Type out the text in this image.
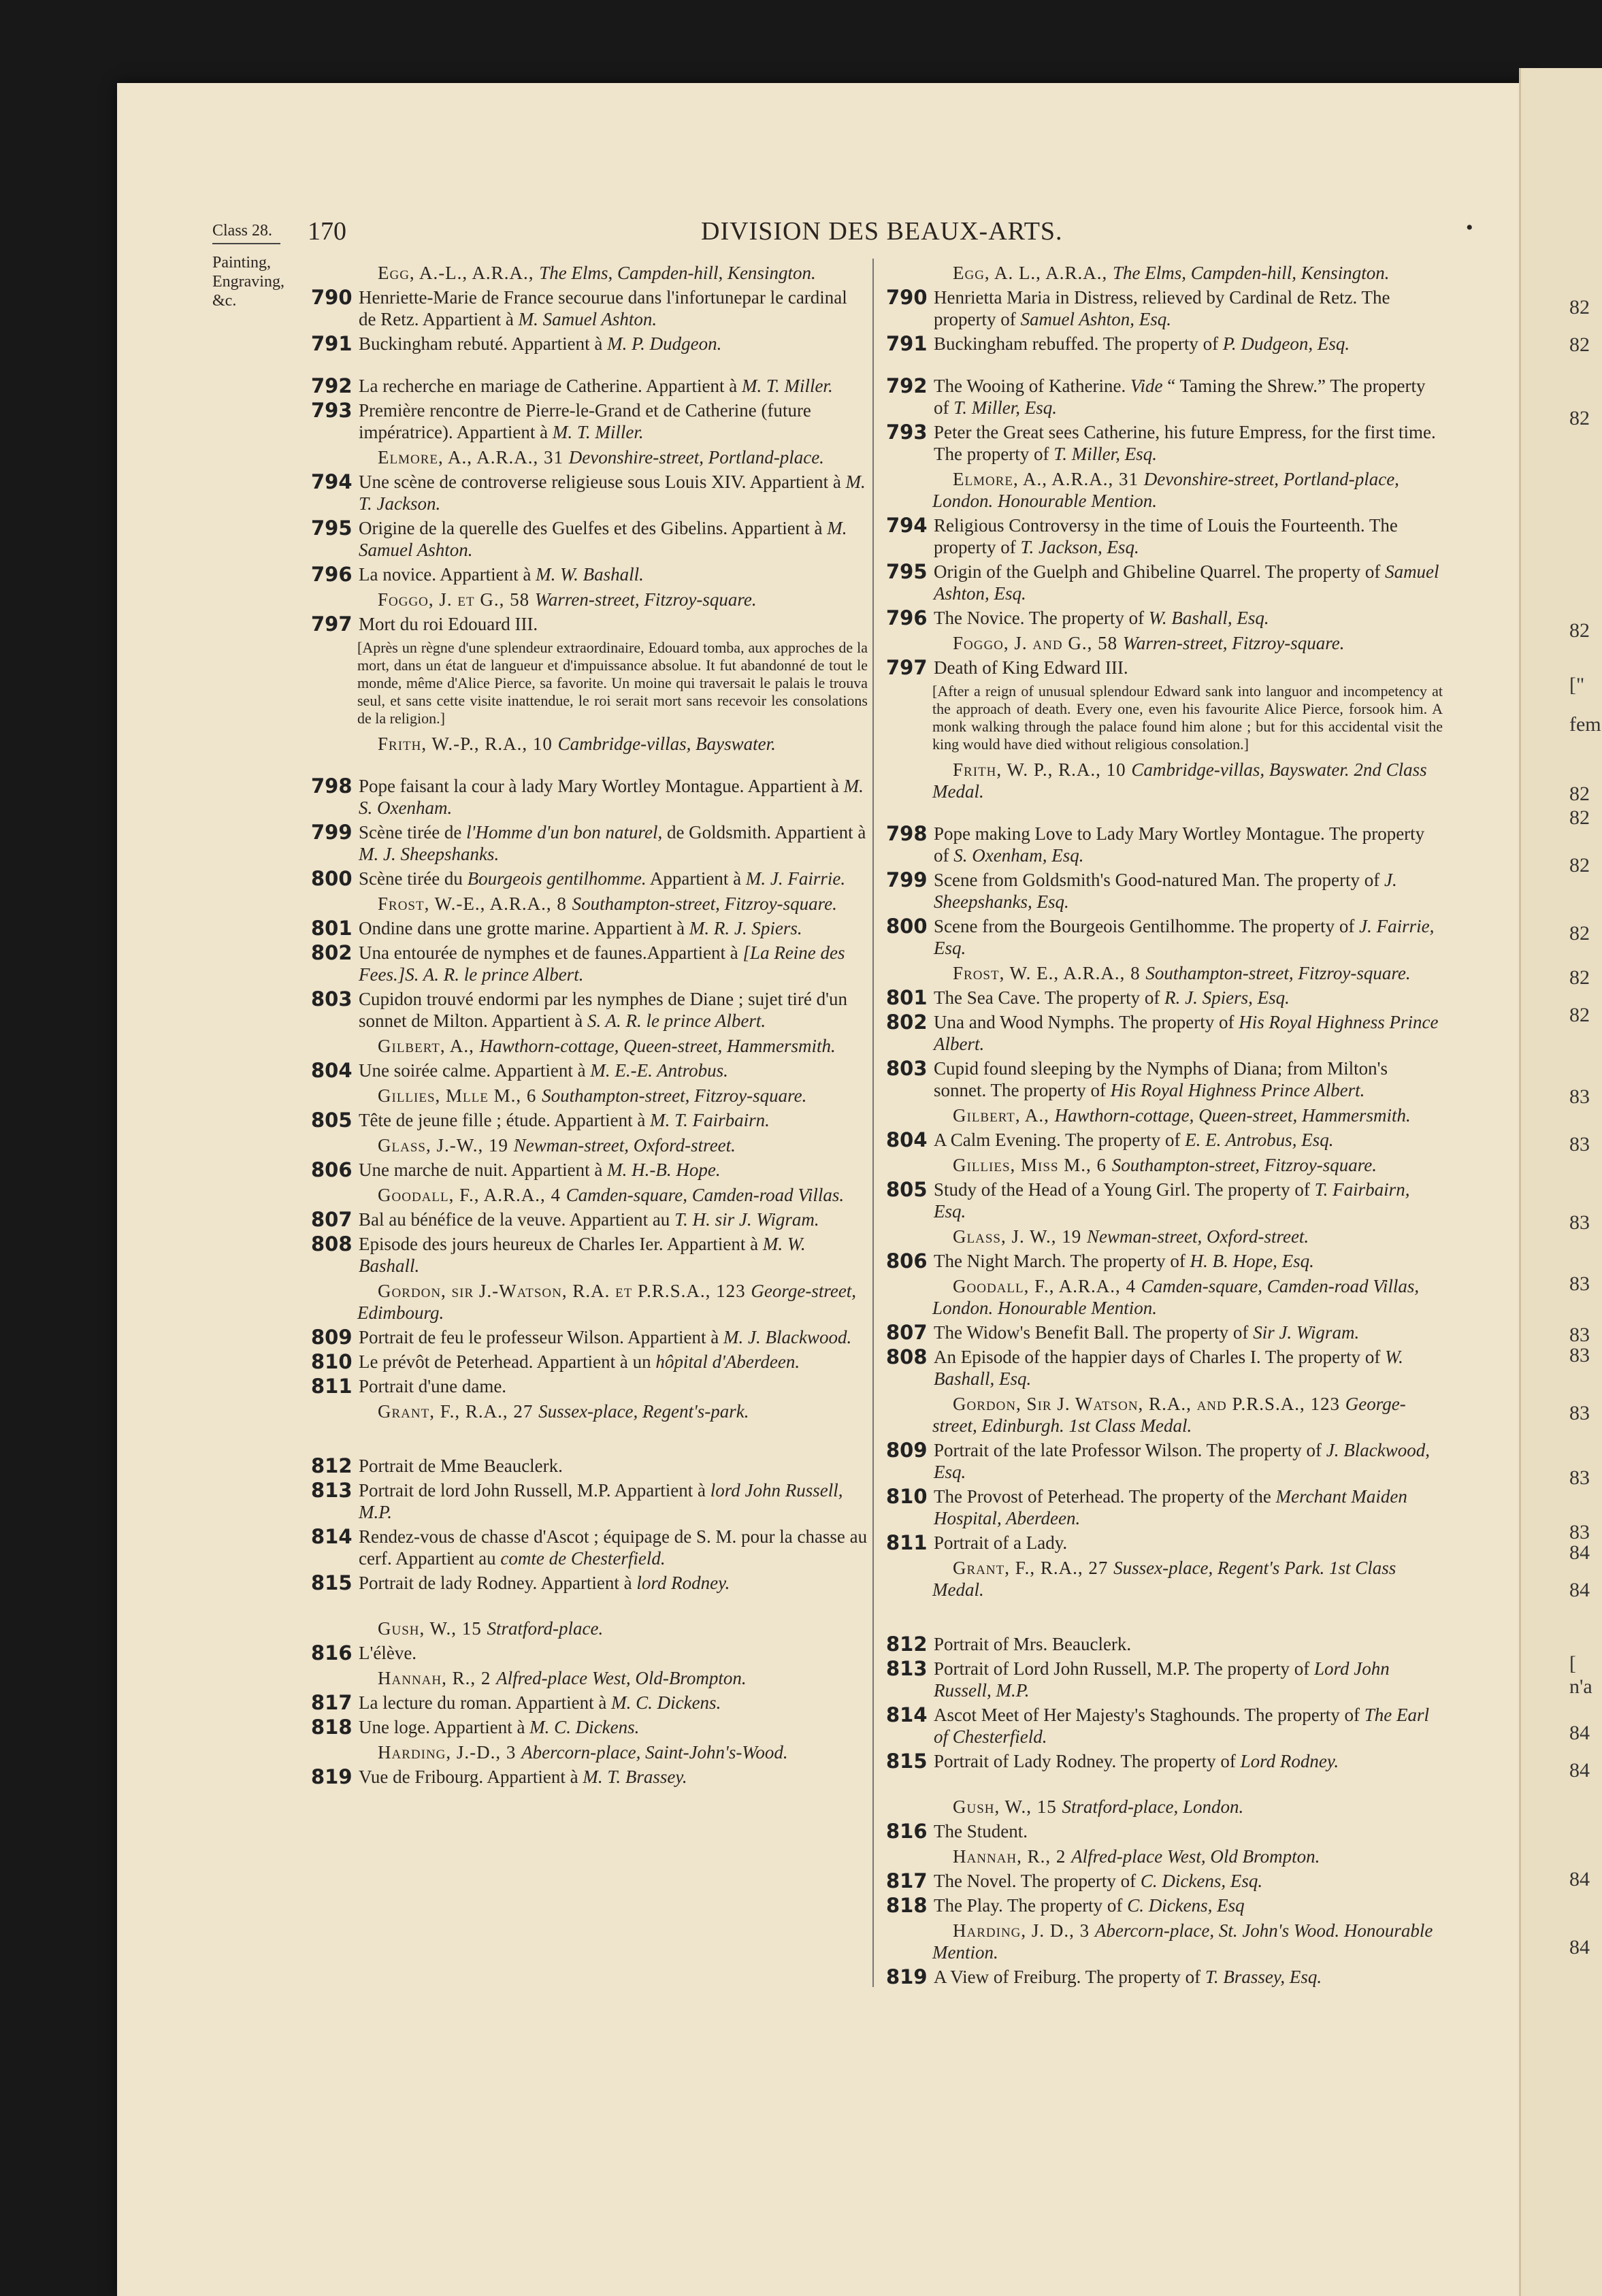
82
82
82
82
["
fem
82
82
82
82
82
82
83
83
83
83
83
83
83
83
83
84
84
[
n'a
84
84
84
84
Class 28.
Painting,
Engraving,
&c.
170	DIVISION DES BEAUX-ARTS.	•
Egg, A.-L., A.R.A., The Elms, Campden-hill, Kensington.
790 Henriette-Marie de France secourue dans l'infortunepar le cardinal de Retz. Appartient à M. Samuel Ashton.
791 Buckingham rebuté. Appartient à M. P. Dudgeon.
792 La recherche en mariage de Catherine. Appartient à M. T. Miller.
793 Première rencontre de Pierre-le-Grand et de Catherine (future impératrice). Appartient à M. T. Miller.
Elmore, A., A.R.A., 31 Devonshire-street, Portland-place.
794 Une scène de controverse religieuse sous Louis XIV. Appartient à M. T. Jackson.
795 Origine de la querelle des Guelfes et des Gibelins. Appartient à M. Samuel Ashton.
796 La novice. Appartient à M. W. Bashall.
Foggo, J. et G., 58 Warren-street, Fitzroy-square.
797 Mort du roi Edouard III.
[Après un règne d'une splendeur extraordinaire, Edouard tomba, aux approches de la mort, dans un état de langueur et d'impuissance absolue. It fut abandonné de tout le monde, même d'Alice Pierce, sa favorite. Un moine qui traversait le palais le trouva seul, et sans cette visite inattendue, le roi serait mort sans recevoir les consolations de la religion.]
Frith, W.-P., R.A., 10 Cambridge-villas, Bayswater.
798 Pope faisant la cour à lady Mary Wortley Montague. Appartient à M. S. Oxenham.
799 Scène tirée de l'Homme d'un bon naturel, de Goldsmith. Appartient à M. J. Sheepshanks.
800 Scène tirée du Bourgeois gentilhomme. Appartient à M. J. Fairrie.
Frost, W.-E., A.R.A., 8 Southampton-street, Fitzroy-square.
801 Ondine dans une grotte marine. Appartient à M. R. J. Spiers.
802 Una entourée de nymphes et de faunes.Appartient à [La Reine des Fees.]S. A. R. le prince Albert.
803 Cupidon trouvé endormi par les nymphes de Diane ; sujet tiré d'un sonnet de Milton. Appartient à S. A. R. le prince Albert.
Gilbert, A., Hawthorn-cottage, Queen-street, Hammersmith.
804 Une soirée calme. Appartient à M. E.-E. Antrobus.
Gillies, Mlle M., 6 Southampton-street, Fitzroy-square.
805 Tête de jeune fille ; étude. Appartient à M. T. Fairbairn.
Glass, J.-W., 19 Newman-street, Oxford-street.
806 Une marche de nuit. Appartient à M. H.-B. Hope.
Goodall, F., A.R.A., 4 Camden-square, Camden-road Villas.
807 Bal au bénéfice de la veuve. Appartient au T. H. sir J. Wigram.
808 Episode des jours heureux de Charles Ier. Appartient à M. W. Bashall.
Gordon, sir J.-Watson, R.A. et P.R.S.A., 123 George-street, Edimbourg.
809 Portrait de feu le professeur Wilson. Appartient à M. J. Blackwood.
810 Le prévôt de Peterhead. Appartient à un hôpital d'Aberdeen.
811 Portrait d'une dame.
Grant, F., R.A., 27 Sussex-place, Regent's-park.
812 Portrait de Mme Beauclerk.
813 Portrait de lord John Russell, M.P. Appartient à lord John Russell, M.P.
814 Rendez-vous de chasse d'Ascot ; équipage de S. M. pour la chasse au cerf. Appartient au comte de Chesterfield.
815 Portrait de lady Rodney. Appartient à lord Rodney.
Gush, W., 15 Stratford-place.
816 L'élève.
Hannah, R., 2 Alfred-place West, Old-Brompton.
817 La lecture du roman. Appartient à M. C. Dickens.
818 Une loge. Appartient à M. C. Dickens.
Harding, J.-D., 3 Abercorn-place, Saint-John's-Wood.
819 Vue de Fribourg. Appartient à M. T. Brassey.
Egg, A. L., A.R.A., The Elms, Campden-hill, Kensington.
790 Henrietta Maria in Distress, relieved by Cardinal de Retz. The property of Samuel Ashton, Esq.
791 Buckingham rebuffed. The property of P. Dudgeon, Esq.
792 The Wooing of Katherine. Vide “ Taming the Shrew.” The property of T. Miller, Esq.
793 Peter the Great sees Catherine, his future Empress, for the first time. The property of T. Miller, Esq.
Elmore, A., A.R.A., 31 Devonshire-street, Portland-place, London. Honourable Mention.
794 Religious Controversy in the time of Louis the Fourteenth. The property of T. Jackson, Esq.
795 Origin of the Guelph and Ghibeline Quarrel. The property of Samuel Ashton, Esq.
796 The Novice. The property of W. Bashall, Esq.
Foggo, J. and G., 58 Warren-street, Fitzroy-square.
797 Death of King Edward III.
[After a reign of unusual splendour Edward sank into languor and incompetency at the approach of death. Every one, even his favourite Alice Pierce, forsook him. A monk walking through the palace found him alone ; but for this accidental visit the king would have died without religious consolation.]
Frith, W. P., R.A., 10 Cambridge-villas, Bayswater. 2nd Class Medal.
798 Pope making Love to Lady Mary Wortley Montague. The property of S. Oxenham, Esq.
799 Scene from Goldsmith's Good-natured Man. The property of J. Sheepshanks, Esq.
800 Scene from the Bourgeois Gentilhomme. The property of J. Fairrie, Esq.
Frost, W. E., A.R.A., 8 Southampton-street, Fitzroy-square.
801 The Sea Cave. The property of R. J. Spiers, Esq.
802 Una and Wood Nymphs. The property of His Royal Highness Prince Albert.
803 Cupid found sleeping by the Nymphs of Diana; from Milton's sonnet. The property of His Royal Highness Prince Albert.
Gilbert, A., Hawthorn-cottage, Queen-street, Hammersmith.
804 A Calm Evening. The property of E. E. Antrobus, Esq.
Gillies, Miss M., 6 Southampton-street, Fitzroy-square.
805 Study of the Head of a Young Girl. The property of T. Fairbairn, Esq.
Glass, J. W., 19 Newman-street, Oxford-street.
806 The Night March. The property of H. B. Hope, Esq.
Goodall, F., A.R.A., 4 Camden-square, Camden-road Villas, London. Honourable Mention.
807 The Widow's Benefit Ball. The property of Sir J. Wigram.
808 An Episode of the happier days of Charles I. The property of W. Bashall, Esq.
Gordon, Sir J. Watson, R.A., and P.R.S.A., 123 George-street, Edinburgh. 1st Class Medal.
809 Portrait of the late Professor Wilson. The property of J. Blackwood, Esq.
810 The Provost of Peterhead. The property of the Merchant Maiden Hospital, Aberdeen.
811 Portrait of a Lady.
Grant, F., R.A., 27 Sussex-place, Regent's Park. 1st Class Medal.
812 Portrait of Mrs. Beauclerk.
813 Portrait of Lord John Russell, M.P. The property of Lord John Russell, M.P.
814 Ascot Meet of Her Majesty's Staghounds. The property of The Earl of Chesterfield.
815 Portrait of Lady Rodney. The property of Lord Rodney.
Gush, W., 15 Stratford-place, London.
816 The Student.
Hannah, R., 2 Alfred-place West, Old Brompton.
817 The Novel. The property of C. Dickens, Esq.
818 The Play. The property of C. Dickens, Esq
Harding, J. D., 3 Abercorn-place, St. John's Wood. Honourable Mention.
819 A View of Freiburg. The property of T. Brassey, Esq.
